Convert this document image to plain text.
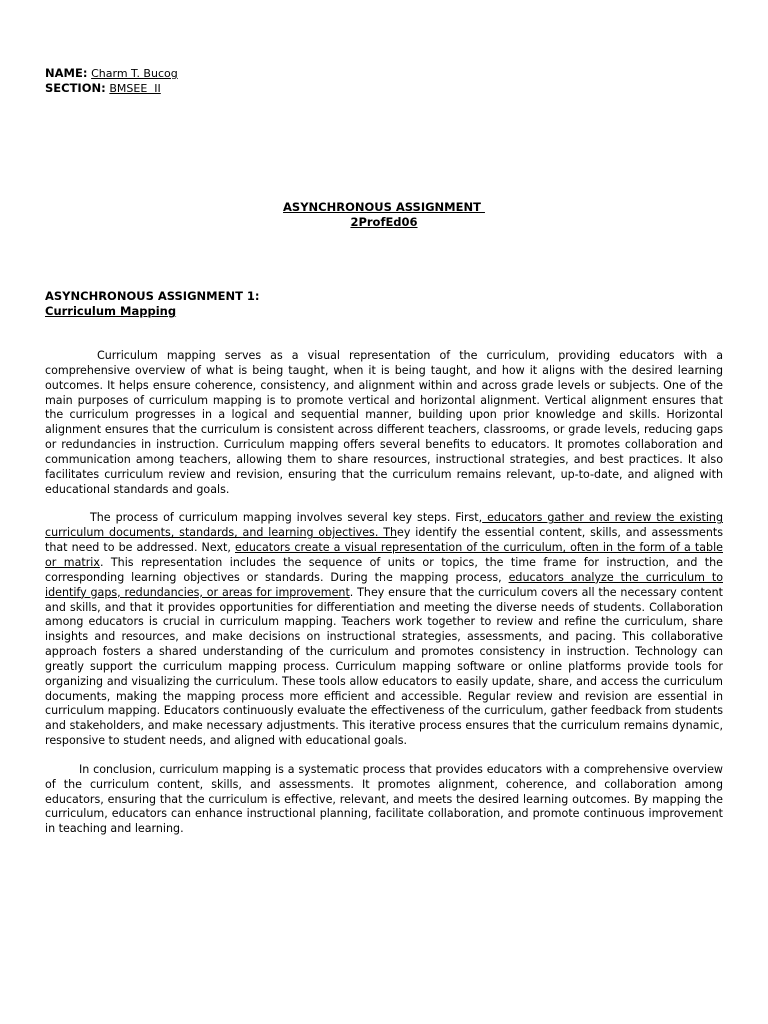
NAME: Charm T. Bucog
SECTION: BMSEE  II
ASYNCHRONOUS ASSIGNMENT
2ProfEd06
ASYNCHRONOUS ASSIGNMENT 1:
Curriculum Mapping

Curriculum mapping serves as a visual representation of the curriculum, providing educators with a comprehensive overview of what is being taught, when it is being taught, and how it aligns with the desired learning outcomes. It helps ensure coherence, consistency, and alignment within and across grade levels or subjects. One of the main purposes of curriculum mapping is to promote vertical and horizontal alignment. Vertical alignment ensures that the curriculum progresses in a logical and sequential manner, building upon prior knowledge and skills. Horizontal alignment ensures that the curriculum is consistent across different teachers, classrooms, or grade levels, reducing gaps or redundancies in instruction. Curriculum mapping offers several benefits to educators. It promotes collaboration and communication among teachers, allowing them to share resources, instructional strategies, and best practices. It also facilitates curriculum review and revision, ensuring that the curriculum remains relevant, up-to-date, and aligned with educational standards and goals.

The process of curriculum mapping involves several key steps. First, educators gather and review the existing curriculum documents, standards, and learning objectives. They identify the essential content, skills, and assessments that need to be addressed. Next, educators create a visual representation of the curriculum, often in the form of a table or matrix. This representation includes the sequence of units or topics, the time frame for instruction, and the corresponding learning objectives or standards. During the mapping process, educators analyze the curriculum to identify gaps, redundancies, or areas for improvement. They ensure that the curriculum covers all the necessary content and skills, and that it provides opportunities for differentiation and meeting the diverse needs of students. Collaboration among educators is crucial in curriculum mapping. Teachers work together to review and refine the curriculum, share insights and resources, and make decisions on instructional strategies, assessments, and pacing. This collaborative approach fosters a shared understanding of the curriculum and promotes consistency in instruction. Technology can greatly support the curriculum mapping process. Curriculum mapping software or online platforms provide tools for organizing and visualizing the curriculum. These tools allow educators to easily update, share, and access the curriculum documents, making the mapping process more efficient and accessible. Regular review and revision are essential in curriculum mapping. Educators continuously evaluate the effectiveness of the curriculum, gather feedback from students and stakeholders, and make necessary adjustments. This iterative process ensures that the curriculum remains dynamic, responsive to student needs, and aligned with educational goals.

In conclusion, curriculum mapping is a systematic process that provides educators with a comprehensive overview of the curriculum content, skills, and assessments. It promotes alignment, coherence, and collaboration among educators, ensuring that the curriculum is effective, relevant, and meets the desired learning outcomes. By mapping the curriculum, educators can enhance instructional planning, facilitate collaboration, and promote continuous improvement in teaching and learning.
